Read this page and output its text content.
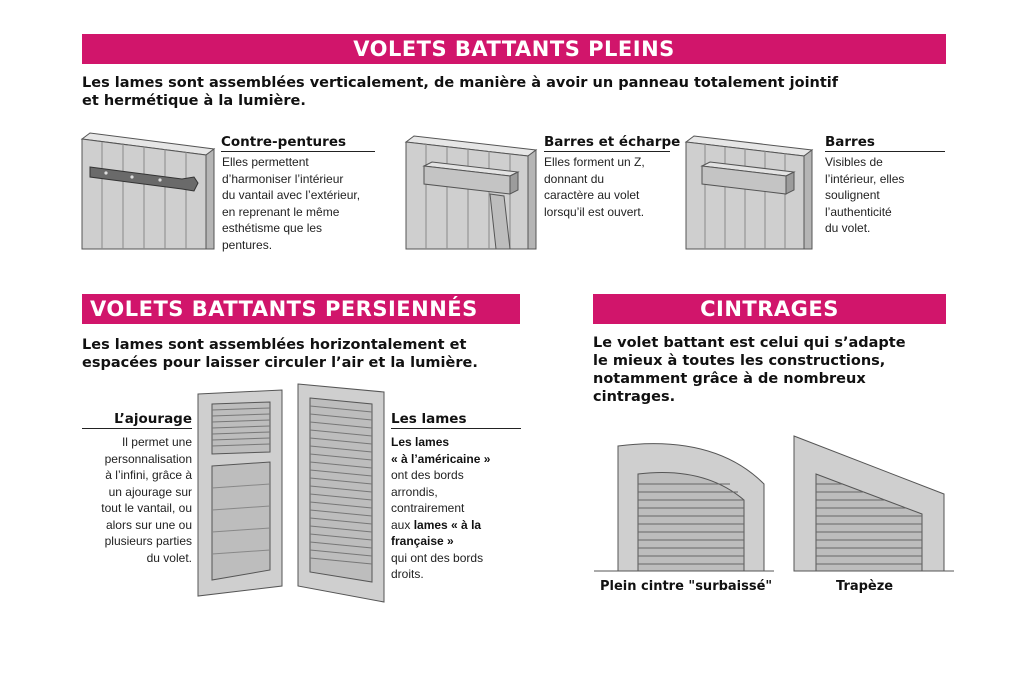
VOLETS BATTANTS PLEINS
Les lames sont assemblées verticalement, de manière à avoir un panneau totalement jointif
et hermétique à la lumière.
Contre-pentures
Elles permettent
d’harmoniser l’intérieur
du vantail avec l’extérieur,
en reprenant le même
esthétisme que les
pentures.
Barres et écharpe
Elles forment un Z,
donnant du
caractère au volet
lorsqu’il est ouvert.
Barres
Visibles de
l’intérieur, elles
soulignent
l’authenticité
du volet.
VOLETS BATTANTS PERSIENNÉS
Les lames sont assemblées horizontalement et
espacées pour laisser circuler l’air et la lumière.
L’ajourage
Il permet une
personnalisation
à l’infini, grâce à
un ajourage sur
tout le vantail, ou
alors sur une ou
plusieurs parties
du volet.
Les lames
Les lames
« à l’américaine »
ont des bords
arrondis,
contrairement
aux lames « à la
française »
qui ont des bords
droits.
CINTRAGES
Le volet battant est celui qui s’adapte
le mieux à toutes les constructions,
notamment grâce à de nombreux
cintrages.
Plein cintre "surbaissé"	Trapèze
